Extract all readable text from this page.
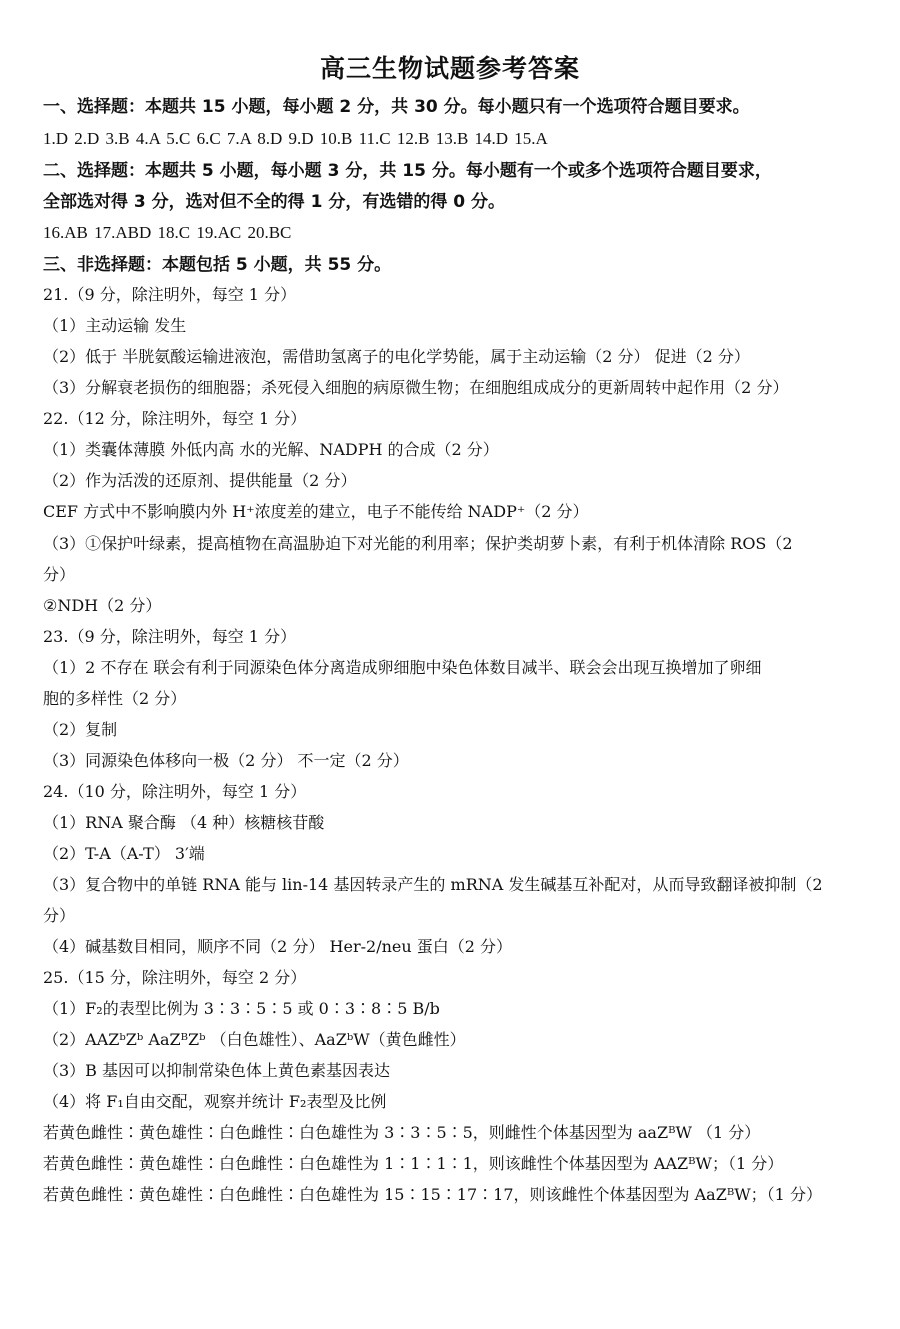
高三生物试题参考答案
一、选择题：本题共 15 小题，每小题 2 分，共 30 分。每小题只有一个选项符合题目要求。
1.D 2.D 3.B 4.A 5.C 6.C 7.A 8.D 9.D 10.B 11.C 12.B 13.B 14.D 15.A
二、选择题：本题共 5 小题，每小题 3 分，共 15 分。每小题有一个或多个选项符合题目要求，
全部选对得 3 分，选对但不全的得 1 分，有选错的得 0 分。
16.AB 17.ABD 18.C 19.AC 20.BC
三、非选择题：本题包括 5 小题，共 55 分。
21.（9 分，除注明外，每空 1 分）
（1）主动运输 发生
（2）低于 半胱氨酸运输进液泡，需借助氢离子的电化学势能，属于主动运输（2 分） 促进（2 分）
（3）分解衰老损伤的细胞器；杀死侵入细胞的病原微生物；在细胞组成成分的更新周转中起作用（2 分）
22.（12 分，除注明外，每空 1 分）
（1）类囊体薄膜 外低内高 水的光解、NADPH 的合成（2 分）
（2）作为活泼的还原剂、提供能量（2 分）
CEF 方式中不影响膜内外 H⁺浓度差的建立，电子不能传给 NADP⁺（2 分）
（3）①保护叶绿素，提高植物在高温胁迫下对光能的利用率；保护类胡萝卜素，有利于机体清除 ROS（2
分）
②NDH（2 分）
23.（9 分，除注明外，每空 1 分）
（1）2 不存在 联会有利于同源染色体分离造成卵细胞中染色体数目减半、联会会出现互换增加了卵细
胞的多样性（2 分）
（2）复制
（3）同源染色体移向一极（2 分） 不一定（2 分）
24.（10 分，除注明外，每空 1 分）
（1）RNA 聚合酶 （4 种）核糖核苷酸
（2）T-A（A-T） 3′端
（3）复合物中的单链 RNA 能与 lin-14 基因转录产生的 mRNA 发生碱基互补配对，从而导致翻译被抑制（2
分）
（4）碱基数目相同，顺序不同（2 分） Her-2/neu 蛋白（2 分）
25.（15 分，除注明外，每空 2 分）
（1）F₂的表型比例为 3∶3∶5∶5 或 0∶3∶8∶5 B/b
（2）AAZᵇZᵇ AaZᴮZᵇ （白色雄性）、AaZᵇW（黄色雌性）
（3）B 基因可以抑制常染色体上黄色素基因表达
（4）将 F₁自由交配，观察并统计 F₂表型及比例
若黄色雌性∶黄色雄性∶白色雌性∶白色雄性为 3∶3∶5∶5，则雌性个体基因型为 aaZᴮW （1 分）
若黄色雌性∶黄色雄性∶白色雌性∶白色雄性为 1∶1∶1∶1，则该雌性个体基因型为 AAZᴮW；（1 分）
若黄色雌性∶黄色雄性∶白色雌性∶白色雄性为 15∶15∶17∶17，则该雌性个体基因型为 AaZᴮW；（1 分）
